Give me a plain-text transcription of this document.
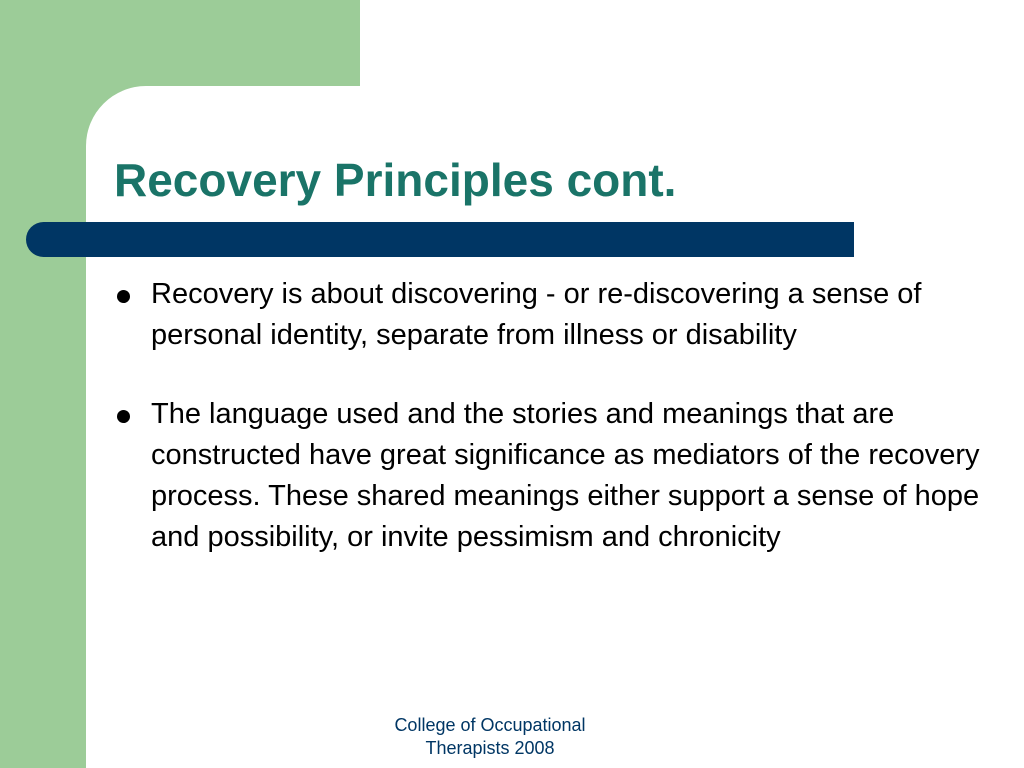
Recovery Principles cont.
Recovery is about discovering - or re-discovering a sense of personal identity, separate from illness or disability
The language used and the stories and meanings that are constructed have great significance as mediators of the recovery process. These shared meanings either support a sense of hope and possibility, or invite pessimism and chronicity
College of Occupational
Therapists 2008
